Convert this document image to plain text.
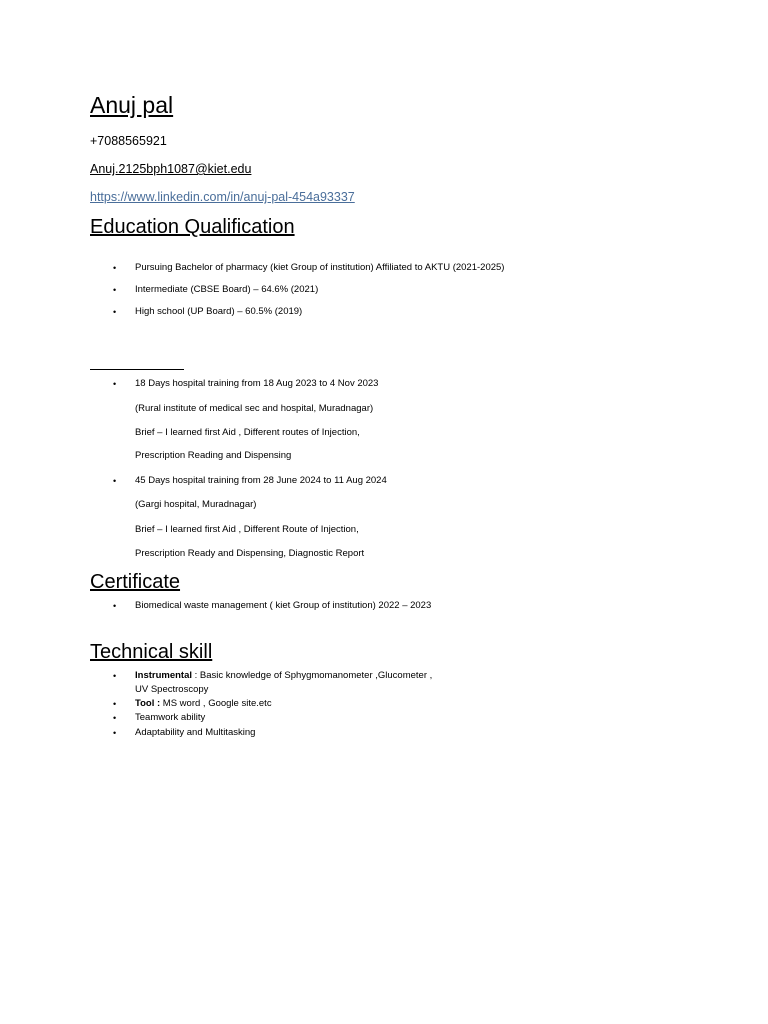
Anuj pal
+7088565921
Anuj.2125bph1087@kiet.edu
https://www.linkedin.com/in/anuj-pal-454a93337
Education Qualification
• Pursuing Bachelor of pharmacy (kiet Group of institution) Affiliated to AKTU (2021-2025)
• Intermediate (CBSE Board) – 64.6% (2021)
• High school (UP Board) – 60.5% (2019)
• 18 Days hospital training from 18 Aug 2023 to 4 Nov 2023
(Rural institute of medical sec and hospital, Muradnagar)
Brief – I learned first Aid , Different routes of Injection,
Prescription Reading and Dispensing
• 45 Days hospital training from 28 June 2024 to 11 Aug 2024
(Gargi hospital, Muradnagar)
Brief – I learned first Aid , Different Route of Injection,
Prescription Ready and Dispensing, Diagnostic Report
Certificate
• Biomedical waste management ( kiet Group of institution) 2022 – 2023
Technical skill
• Instrumental : Basic knowledge of Sphygmomanometer ,Glucometer ,
UV Spectroscopy
• Tool : MS word , Google site.etc
• Teamwork ability
• Adaptability and Multitasking
